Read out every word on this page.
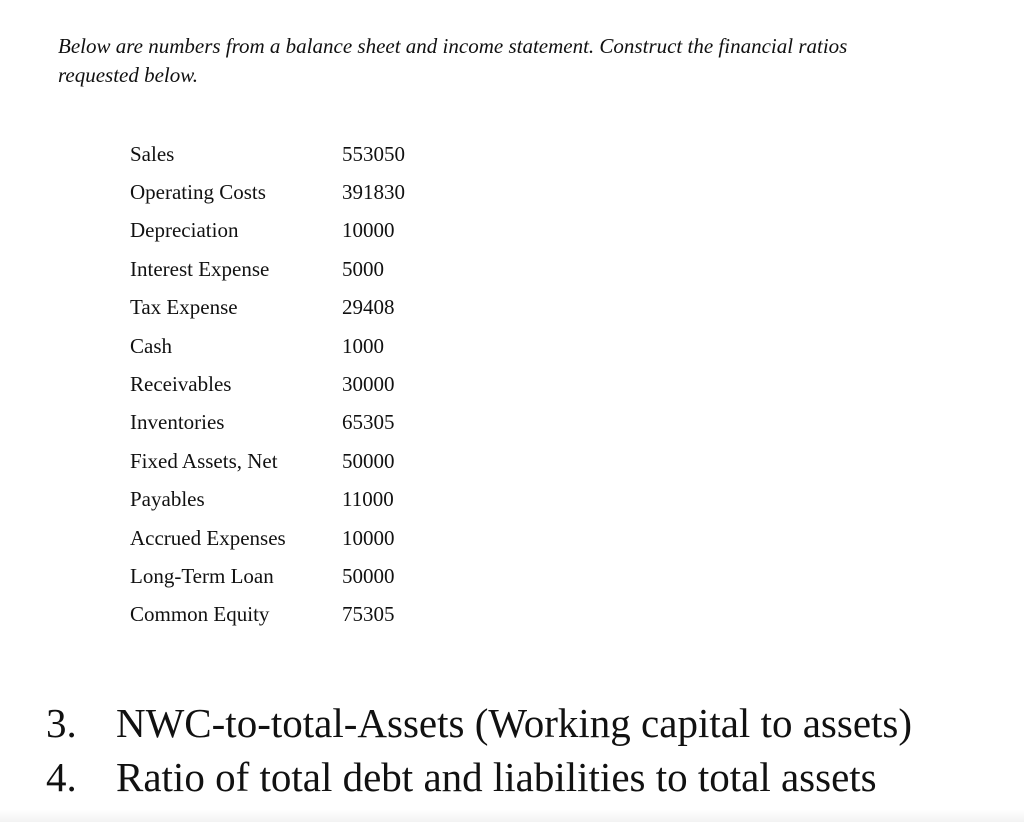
Below are numbers from a balance sheet and income statement. Construct the financial ratios
requested below.
Sales	553050
Operating Costs	391830
Depreciation	10000
Interest Expense	5000
Tax Expense	29408
Cash	1000
Receivables	30000
Inventories	65305
Fixed Assets, Net	50000
Payables	11000
Accrued Expenses	10000
Long-Term Loan	50000
Common Equity	75305
3. NWC-to-total-Assets (Working capital to assets)
4. Ratio of total debt and liabilities to total assets
